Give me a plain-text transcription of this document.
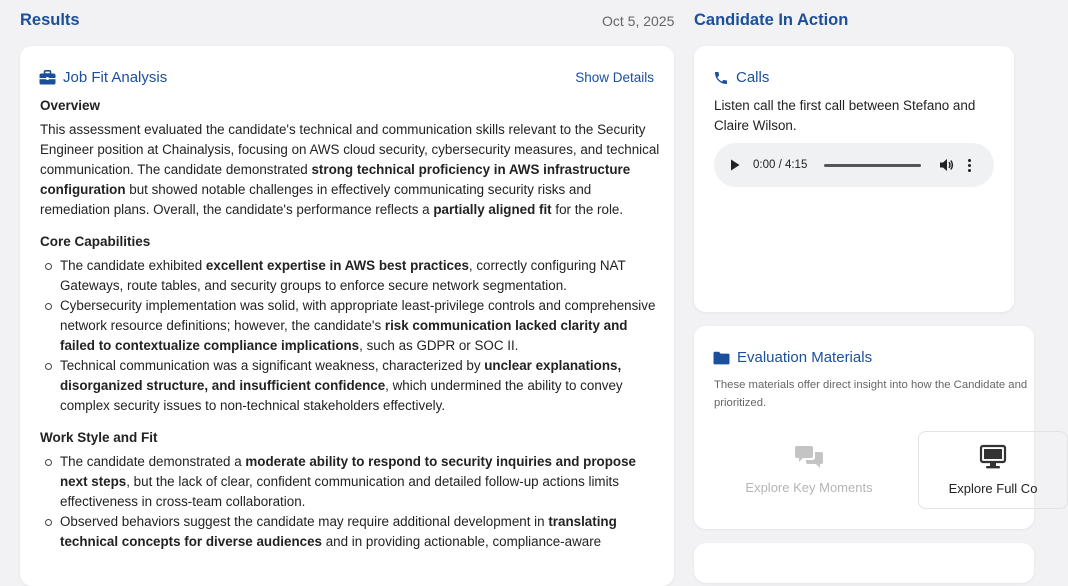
Results	Oct 5, 2025 Candidate In Action
Job Fit Analysis	Show Details
Overview

This assessment evaluated the candidate's technical and communication skills relevant to the Security Engineer position at Chainalysis, focusing on AWS cloud security, cybersecurity measures, and technical communication. The candidate demonstrated strong technical proficiency in AWS infrastructure configuration but showed notable challenges in effectively communicating security risks and remediation plans. Overall, the candidate's performance reflects a partially aligned fit for the role.

Core Capabilities
The candidate exhibited excellent expertise in AWS best practices, correctly configuring NAT Gateways, route tables, and security groups to enforce secure network segmentation.
Cybersecurity implementation was solid, with appropriate least-privilege controls and comprehensive network resource definitions; however, the candidate's risk communication lacked clarity and failed to contextualize compliance implications, such as GDPR or SOC II.
Technical communication was a significant weakness, characterized by unclear explanations, disorganized structure, and insufficient confidence, which undermined the ability to convey complex security issues to non-technical stakeholders effectively.
Work Style and Fit
The candidate demonstrated a moderate ability to respond to security inquiries and propose next steps, but the lack of clear, confident communication and detailed follow-up actions limits effectiveness in cross-team collaboration.
Observed behaviors suggest the candidate may require additional development in translating technical concepts for diverse audiences and in providing actionable, compliance-aware
Calls
Listen call the first call between Stefano and Claire Wilson.
0:00 / 4:15
Evaluation Materials
These materials offer direct insight into how the Candidate and prioritized.
Explore Key Moments	Explore Full Co
